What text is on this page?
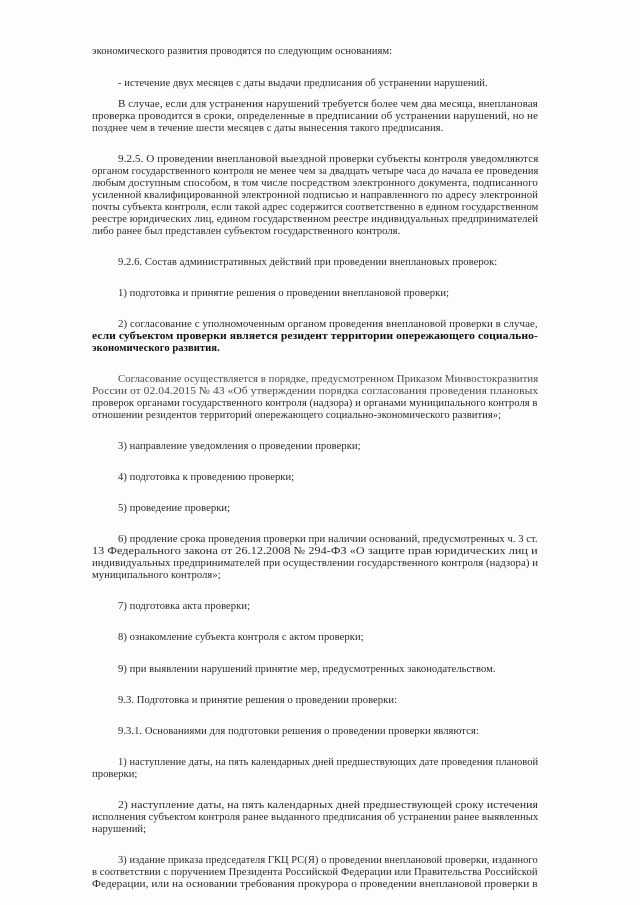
экономического развития проводятся по следующим основаниям:

- истечение двух месяцев с даты выдачи предписания об устранении нарушений.

В случае, если для устранения нарушений требуется более чем два месяца, внеплановая

проверка проводится в сроки, определенные в предписании об устранении нарушений, но не

позднее чем в течение шести месяцев с даты вынесения такого предписания.

9.2.5. О проведении внеплановой выездной проверки субъекты контроля уведомляются

органом государственного контроля не менее чем за двадцать четыре часа до начала ее проведения

любым доступным способом, в том числе посредством электронного документа, подписанного

усиленной квалифицированной электронной подписью и направленного по адресу электронной

почты субъекта контроля, если такой адрес содержится соответственно в едином государственном

реестре юридических лиц, едином государственном реестре индивидуальных предпринимателей

либо ранее был представлен субъектом государственного контроля.

9.2.6. Состав административных действий при проведении внеплановых проверок:

1) подготовка и принятие решения о проведении внеплановой проверки;

2) согласование с уполномоченным органом проведения внеплановой проверки в случае,

если субъектом проверки является резидент территории опережающего социально-

экономического развития.

Согласование осуществляется в порядке, предусмотренном Приказом Минвостокразвития

России от 02.04.2015 № 43 «Об утверждении порядка согласования проведения плановых

проверок органами государственного контроля (надзора) и органами муниципального контроля в

отношении резидентов территорий опережающего социально-экономического развития»;

3) направление уведомления о проведении проверки;

4) подготовка к проведению проверки;

5) проведение проверки;

6) продление срока проведения проверки при наличии оснований, предусмотренных ч. 3 ст.

13 Федерального закона от 26.12.2008 № 294-ФЗ «О защите прав юридических лиц и

индивидуальных предпринимателей при осуществлении государственного контроля (надзора) и

муниципального контроля»;

7) подготовка акта проверки;

8) ознакомление субъекта контроля с актом проверки;

9) при выявлении нарушений принятие мер, предусмотренных законодательством.

9.3. Подготовка и принятие решения о проведении проверки:

9.3.1. Основаниями для подготовки решения о проведении проверки являются:

1) наступление даты, на пять календарных дней предшествующих дате проведения плановой

проверки;

2) наступление даты, на пять календарных дней предшествующей сроку истечения

исполнения субъектом контроля ранее выданного предписания об устранении ранее выявленных

нарушений;

3) издание приказа председателя ГКЦ РС(Я) о проведении внеплановой проверки, изданного

в соответствии с поручением Президента Российской Федерации или Правительства Российской

Федерации, или на основании требования прокурора о проведении внеплановой проверки в
